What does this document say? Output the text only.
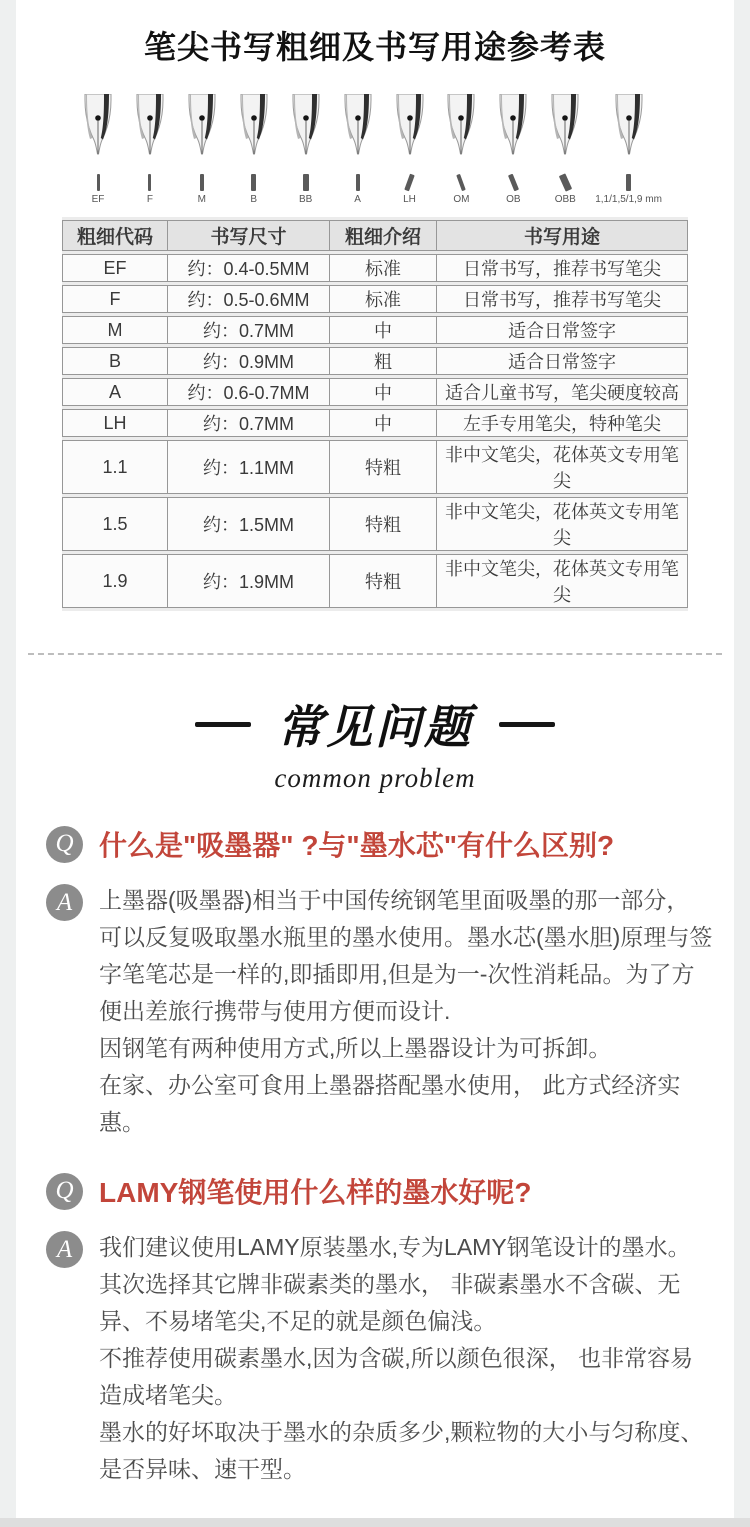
笔尖书写粗细及书写用途参考表
EF	F	M	B	BB	A	LH	OM	OB	OBB 1,1/1,5/1,9 mm
粗细代码	书写尺寸	粗细介绍	书写用途
EF	约：0.4-0.5MM	标准	日常书写，推荐书写笔尖
F	约：0.5-0.6MM	标准	日常书写，推荐书写笔尖
M	约：0.7MM	中	适合日常签字
B	约：0.9MM	粗	适合日常签字
A	约：0.6-0.7MM	中	适合儿童书写，笔尖硬度较高
LH	约：0.7MM	中	左手专用笔尖，特种笔尖
1.1	约：1.1MM	特粗	非中文笔尖，花体英文专用笔尖
1.5	约：1.5MM	特粗	非中文笔尖，花体英文专用笔尖
1.9	约：1.9MM	特粗	非中文笔尖，花体英文专用笔尖
常见问题
common problem
Q 什么是"吸墨器" ?与"墨水芯"有什么区别?
A	上墨器(吸墨器)相当于中国传统钢笔里面吸墨的那一部分， 可以反复吸取墨水瓶里的墨水使用。墨水芯(墨水胆)原理与签字笔笔芯是一样的,即插即用,但是为一-次性消耗品。为了方便出差旅行携带与使用方便而设计.
因钢笔有两种使用方式,所以上墨器设计为可拆卸。
在家、办公室可食用上墨器搭配墨水使用， 此方式经济实惠。
Q LAMY钢笔使用什么样的墨水好呢?
A	我们建议使用LAMY原装墨水,专为LAMY钢笔设计的墨水。其次选择其它牌非碳素类的墨水， 非碳素墨水不含碳、无异、不易堵笔尖,不足的就是颜色偏浅。
不推荐使用碳素墨水,因为含碳,所以颜色很深， 也非常容易造成堵笔尖。
墨水的好坏取决于墨水的杂质多少,颗粒物的大小与匀称度、是否异味、速干型。
